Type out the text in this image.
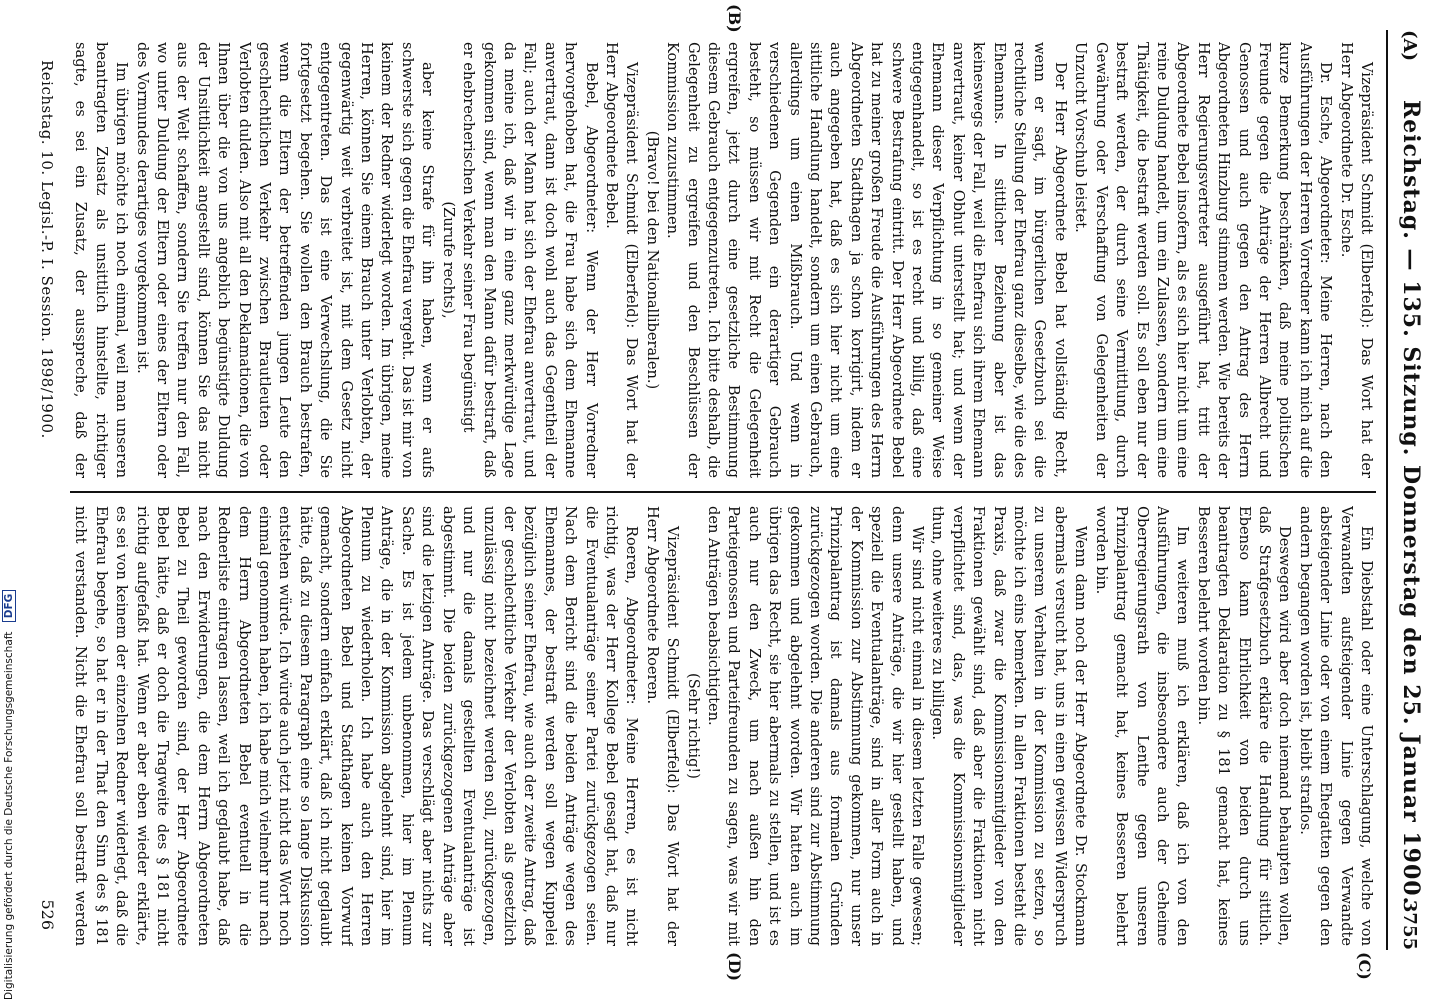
(A)
Reichstag. — 135. Sitzung. Donnerstag den 25. Januar 1900.
3755
(B)
(C)
(D)

Vizepräsident Schmidt (Elberfeld): Das Wort hat der Herr Abgeordnete Dr. Esche.

Dr. Esche, Abgeordneter: Meine Herren, nach den Ausführungen der Herren Vorredner kann ich mich auf die kurze Bemerkung beschränken, daß meine politischen Freunde gegen die Anträge der Herren Albrecht und Genossen und auch gegen den Antrag des Herrn Abgeordneten Hinzburg stimmen werden. Wie bereits der Herr Regierungsvertreter ausgeführt hat, tritt der Abgeordnete Bebel insofern, als es sich hier nicht um eine reine Duldung handelt, um ein Zulassen, sondern um eine Thätigkeit, die bestraft werden soll. Es soll eben nur der bestraft werden, der durch seine Vermittlung, durch Gewährung oder Verschaffung von Gelegenheiten der Unzucht Vorschub leistet.

Der Herr Abgeordnete Bebel hat vollständig Recht, wenn er sagt, im bürgerlichen Gesetzbuch sei die rechtliche Stellung der Ehefrau ganz dieselbe, wie die des Ehemanns. In sittlicher Beziehung aber ist das keineswegs der Fall, weil die Ehefrau sich ihrem Ehemann anvertraut, keiner Obhut unterstellt hat; und wenn der Ehemann dieser Verpflichtung in so gemeiner Weise entgegenhandelt, so ist es recht und billig, daß eine schwere Bestrafung eintritt. Der Herr Abgeordnete Bebel hat zu meiner großen Freude die Ausführungen des Herrn Abgeordneten Stadthagen ja schon korrigirt, indem er auch angegeben hat, daß es sich hier nicht um eine sittliche Handlung handelt, sondern um einen Gebrauch, allerdings um einen Mißbrauch. Und wenn in verschiedenen Gegenden ein derartiger Gebrauch besteht, so müssen wir mit Recht die Gelegenheit ergreifen, jetzt durch eine gesetzliche Bestimmung diesem Gebrauch entgegenzutreten. Ich bitte deshalb, die Gelegenheit zu ergreifen und den Beschlüssen der Kommission zuzustimmen.

(Bravo! bei den Nationalliberalen.)

Vizepräsident Schmidt (Elberfeld): Das Wort hat der Herr Abgeordnete Bebel.

Bebel, Abgeordneter: Wenn der Herr Vorredner hervorgehoben hat, die Frau habe sich dem Ehemanne anvertraut, dann ist doch wohl auch das Gegentheil der Fall; auch der Mann hat sich der Ehefrau anvertraut, und da meine ich, daß wir in eine ganz merkwürdige Lage gekommen sind, wenn man den Mann dafür bestraft, daß er ehebrecherischen Verkehr seiner Frau begünstigt

(Zurufe rechts),

aber keine Strafe für ihn haben, wenn er aufs schwerste sich gegen die Ehefrau vergeht. Das ist mir von keinem der Redner widerlegt worden. Im übrigen, meine Herren, können Sie einem Brauch unter Verlobten, der gegenwärtig weit verbreitet ist, mit dem Gesetz nicht entgegentreten. Das ist eine Verwechslung, die Sie fortgesetzt begehen. Sie wollen den Brauch bestrafen, wenn die Eltern der betreffenden jungen Leute den geschlechtlichen Verkehr zwischen Brautleuten oder Verlobten dulden. Also mit all den Deklamationen, die von Ihnen über die von uns angeblich begünstigte Duldung der Unsittlichkeit angestellt sind, können Sie das nicht aus der Welt schaffen, sondern Sie treffen nur den Fall, wo unter Duldung der Eltern oder eines der Eltern oder des Vormundes derartiges vorgekommen ist.

Im übrigen möchte ich noch einmal, weil man unseren beantragten Zusatz als unsittlich hinstellte, richtiger sagte, es sei ein Zusatz, der ausspreche, daß der

Ein Diebstahl oder eine Unterschlagung, welche von Verwandten aufsteigender Linie gegen Verwandte absteigender Linie oder von einem Ehegatten gegen den andern begangen worden ist, bleibt straflos.

Deswegen wird aber doch niemand behaupten wollen, daß Strafgesetzbuch erkläre die Handlung für sittlich. Ebenso kann Ehrlichkeit von beiden durch uns beantragten Deklaration zu § 181 gemacht hat, keines Besseren belehrt worden bin.

Im weiteren muß ich erklären, daß ich von den Ausführungen, die insbesondere auch der Geheime Oberregierungsrath von Lenthe gegen unseren Prinzipalantrag gemacht hat, keines Besseren belehrt worden bin.

Wenn dann noch der Herr Abgeordnete Dr. Stockmann abermals versucht hat, uns in einen gewissen Widerspruch zu unserem Verhalten in der Kommission zu setzen, so möchte ich eins bemerken. In allen Fraktionen besteht die Praxis, daß zwar die Kommissionsmitglieder von den Fraktionen gewählt sind, daß aber die Fraktionen nicht verpflichtet sind, das, was die Kommissionsmitglieder thun, ohne weiteres zu billigen.

Wir sind nicht einmal in diesem letzten Falle gewesen; denn unsere Anträge, die wir hier gestellt haben, und speziell die Eventualanträge, sind in aller Form auch in der Kommission zur Abstimmung gekommen, nur unser Prinzipalantrag ist damals aus formalen Gründen zurückgezogen worden. Die anderen sind zur Abstimmung gekommen und abgelehnt worden. Wir hatten auch im übrigen das Recht, sie hier abermals zu stellen, und ist es auch nur den Zweck, um nach außen hin den Parteigenossen und Parteifreunden zu sagen, was wir mit den Anträgen beabsichtigten.

(Sehr richtig!)

Vizepräsident Schmidt (Elberfeld): Das Wort hat der Herr Abgeordnete Roeren.

Roeren, Abgeordneter: Meine Herren, es ist nicht richtig, was der Herr Kollege Bebel gesagt hat, daß nur die Eventualanträge seiner Partei zurückgezogen seien. Nach dem Bericht sind die beiden Anträge wegen des Ehemannes, der bestraft werden soll wegen Kuppelei bezüglich seiner Ehefrau, wie auch der zweite Antrag, daß der geschlechtliche Verkehr der Verlobten als gesetzlich unzulässig nicht bezeichnet werden soll, zurückgezogen, und nur die damals gestellten Eventualanträge ist abgestimmt. Die beiden zurückgezogenen Anträge aber sind die letzigen Anträge. Das verschlägt aber nichts zur Sache. Es ist jedem unbenommen, hier im Plenum Anträge, die in der Kommission abgelehnt sind, hier im Plenum zu wiederholen. Ich habe auch den Herren Abgeordneten Bebel und Stadthagen keinen Vorwurf gemacht, sondern einfach erklärt, daß ich nicht geglaubt hätte, daß zu diesem Paragraph eine so lange Diskussion entstehen würde. Ich würde auch jetzt nicht das Wort noch einmal genommen haben, ich habe mich vielmehr nur nach dem Herrn Abgeordneten Bebel eventuell in die Rednerliste eintragen lassen, weil ich geglaubt habe, daß nach den Erwiderungen, die dem Herrn Abgeordneten Bebel zu Theil geworden sind, der Herr Abgeordnete Bebel hätte, daß er doch die Tragweite des § 181 nicht richtig aufgefaßt hat. Wenn er aber eben wieder erklärte, es sei von keinem der einzelnen Redner widerlegt, daß die Ehefrau begehe, so hat er in der That den Sinn des § 181 nicht verstanden. Nicht die Ehefrau soll bestraft werden

Reichstag. 10. Legisl.-P. I. Session. 1898/1900.
526
Digitalisierung gefördert durch die Deutsche Forschungsgemeinschaft DFG
